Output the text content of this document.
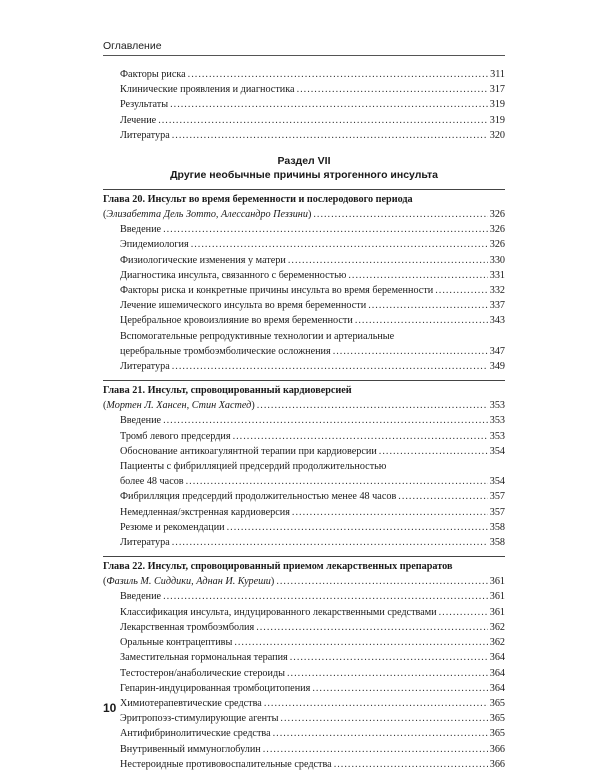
Оглавление
Факторы риска .....	311
Клинические проявления и диагностика .....	317
Результаты .....	319
Лечение .....	319
Литература .....	320
Раздел VII
Другие необычные причины ятрогенного инсульта
Глава 20. Инсульт во время беременности и послеродового периода
(Элизабетта Дель Зотто, Алессандро Пеззини) .....	326
Введение .....	326
Эпидемиология .....	326
Физиологические изменения у матери .....	330
Диагностика инсульта, связанного с беременностью .....	331
Факторы риска и конкретные причины инсульта во время беременности .....	332
Лечение ишемического инсульта во время беременности .....	337
Церебральное кровоизлияние во время беременности .....	343
Вспомогательные репродуктивные технологии и артериальные
церебральные тромбоэмболические осложнения .....	347
Литература .....	349
Глава 21. Инсульт, спровоцированный кардиоверсией
(Мортен Л. Хансен, Стин Хастед) .....	353
Введение .....	353
Тромб левого предсердия .....	353
Обоснование антикоагулянтной терапии при кардиоверсии .....	354
Пациенты с фибрилляцией предсердий продолжительностью
более 48 часов .....	354
Фибрилляция предсердий продолжительностью менее 48 часов .....	357
Немедленная/экстренная кардиоверсия .....	357
Резюме и рекомендации .....	358
Литература .....	358
Глава 22. Инсульт, спровоцированный приемом лекарственных препаратов
(Фазиль М. Сиддики, Аднан И. Куреши) .....	361
Введение .....	361
Классификация инсульта, индуцированного лекарственными средствами .....	361
Лекарственная тромбоэмболия .....	362
Оральные контрацептивы .....	362
Заместительная гормональная терапия .....	364
Тестостерон/анаболические стероиды .....	364
Гепарин-индуцированная тромбоцитопения .....	364
Химиотерапевтические средства .....	365
Эритропоэз-стимулирующие агенты .....	365
Антифибринолитические средства .....	365
Внутривенный иммуноглобулин .....	366
Нестероидные противовоспалительные средства .....	366
10
